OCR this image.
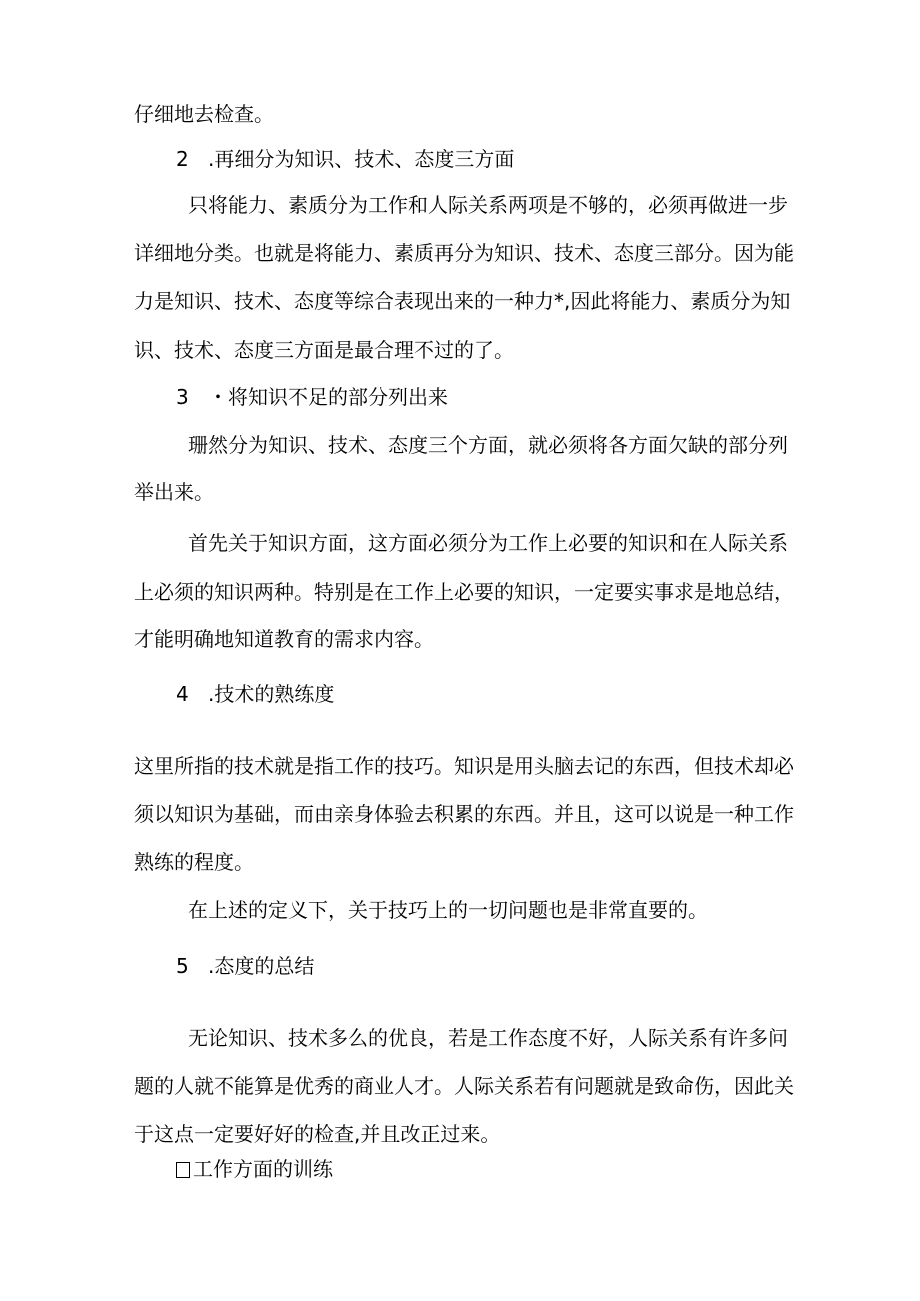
仔细地去检查。

2 .再细分为知识、技术、态度三方面

只将能力、素质分为工作和人际关系两项是不够的，必须再做进一步

详细地分类。也就是将能力、素质再分为知识、技术、态度三部分。因为能

力是知识、技术、态度等综合表现出来的一种力*,因此将能力、素质分为知

识、技术、态度三方面是最合理不过的了。

3 ・将知识不足的部分列出来

珊然分为知识、技术、态度三个方面，就必须将各方面欠缺的部分列

举出来。

首先关于知识方面，这方面必须分为工作上必要的知识和在人际关系

上必须的知识两种。特别是在工作上必要的知识，一定要实事求是地总结，

才能明确地知道教育的需求内容。

4 .技术的熟练度

这里所指的技术就是指工作的技巧。知识是用头脑去记的东西，但技术却必

须以知识为基础，而由亲身体验去积累的东西。并且，这可以说是一种工作

熟练的程度。

在上述的定义下，关于技巧上的一切问题也是非常直要的。

5 .态度的总结

无论知识、技术多么的优良，若是工作态度不好，人际关系有许多问

题的人就不能算是优秀的商业人才。人际关系若有问题就是致命伤，因此关

于这点一定要好好的检查,并且改正过来。

工作方面的训练
